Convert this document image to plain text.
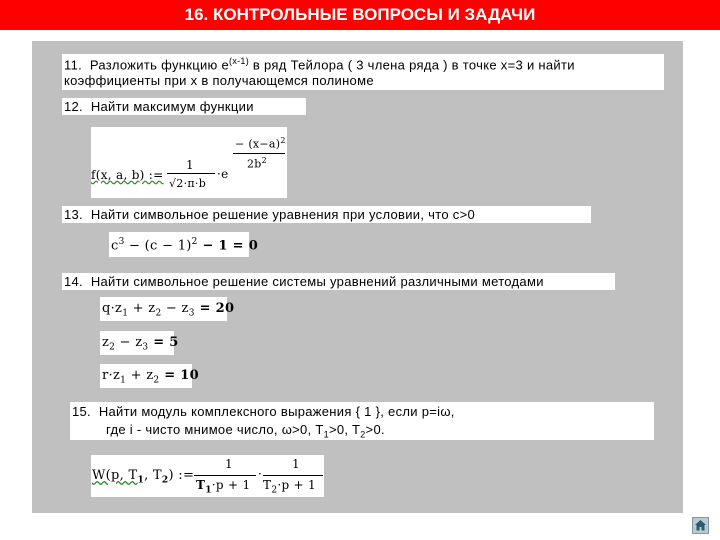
16. КОНТРОЛЬНЫЕ ВОПРОСЫ И ЗАДАЧИ
11. Разложить функцию $e^{(x-1)}$ в ряд Тейлора ( 3 члена ряда ) в точке x=3 и найти
коэффициенты при x в получающемся полиноме
12. Найти максимум функции
f(x, a, b) :=
1
√2·π·b
·e
− $(x-a)^2$
$2b^2$
13. Найти символьное решение уравнения при условии, что c>0
$c^3 - (c - 1)^2 - 1 = 0$
14. Найти символьное решение системы уравнений различными методами
$q\cdot z_1 + z_2 - z_3 = 20$
$z_2 - z_3 = 5$
$r\cdot z_1 + z_2 = 10$
15. Найти модуль комплексного выражения { 1 }, если p=iω,
где i - чисто мнимое число, ω>0, $T_1>0$, $T_2>0$.
W(p, $T_1$, $T_2$) :=
1
$T_1\cdot p + 1$
·
1
$T_2\cdot p + 1$
